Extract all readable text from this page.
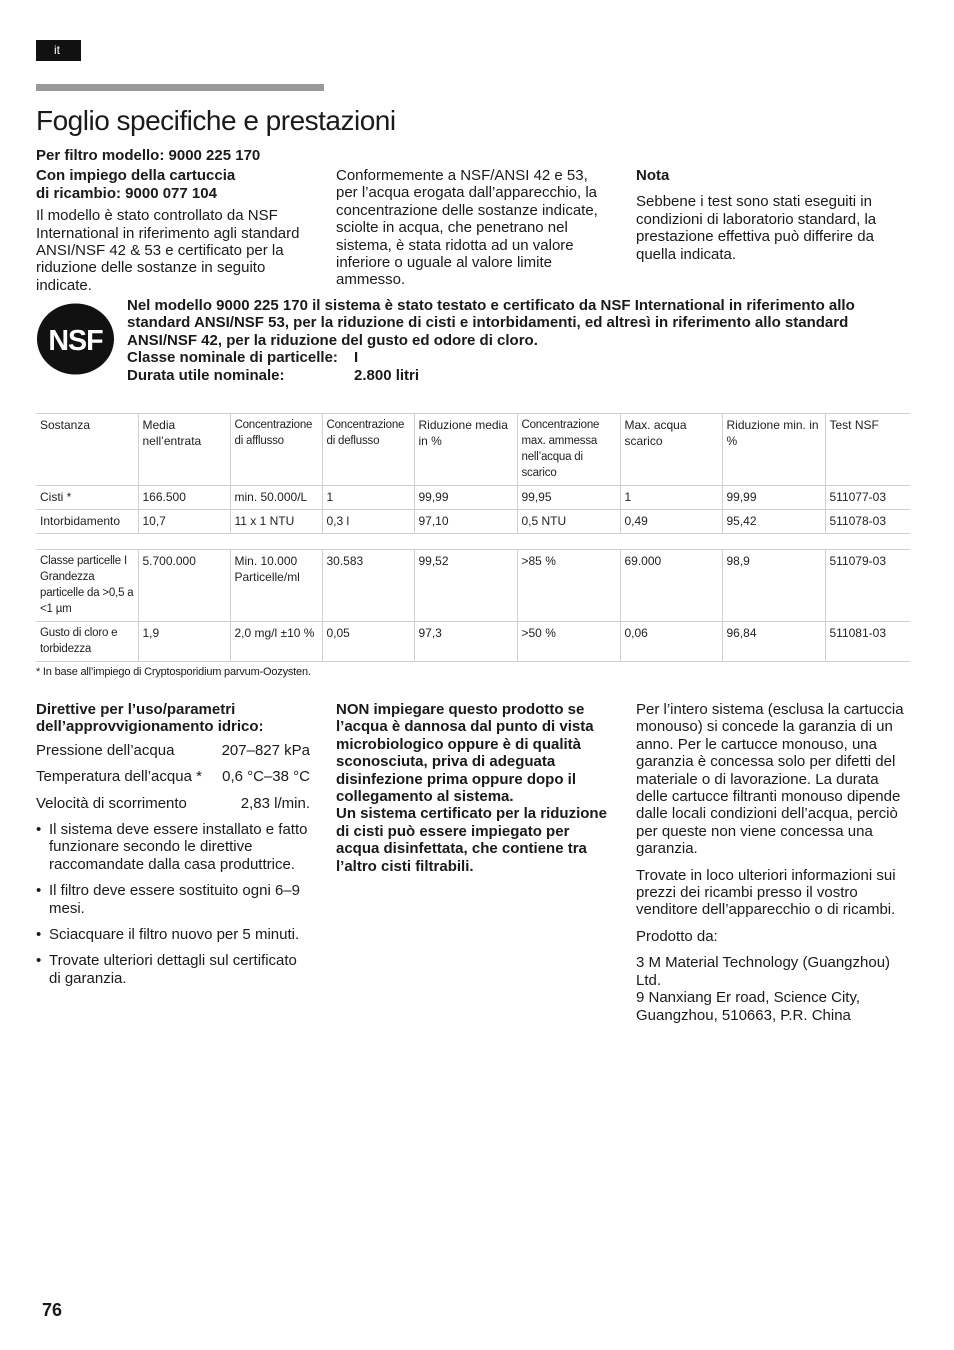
it
Foglio specifiche e prestazioni

Per filtro modello: 9000 225 170

Con impiego della cartuccia

di ricambio: 9000 077 104

Il modello è stato controllato da NSF International in riferimento agli standard ANSI/NSF 42 & 53 e certificato per la riduzione delle sostanze in seguito indicate.

Conformemente a NSF/ANSI 42 e 53, per l’acqua erogata dall’apparecchio, la concentrazione delle sostanze indicate, sciolte in acqua, che penetrano nel sistema, è stata ridotta ad un valore inferiore o uguale al valore limite ammesso.

Nota

Sebbene i test sono stati eseguiti in condizioni di laboratorio standard, la prestazione effettiva può differire da quella indicata.

NSF

Nel modello 9000 225 170 il sistema è stato testato e certificato da NSF International in riferimento allo standard ANSI/NSF 53, per la riduzione di cisti e intorbidamenti, ed altresì in riferimento allo standard ANSI/NSF 42, per la riduzione del gusto ed odore di cloro.

Classe nominale di particelle:	I
Durata utile nominale:	2.800 litri
Sostanza	Media nell’entrata	Concentrazione di afflusso	Concentrazione di deflusso	Riduzione media in %	Concentrazione max. ammessa nell’acqua di scarico	Max. acqua scarico	Riduzione min. in %	Test NSF
Cisti *	166.500	min. 50.000/L	1	99,99	99,95	1	99,99	511077-03
Intorbidamento	10,7	11 x 1 NTU	0,3 l	97,10	0,5 NTU	0,49	95,42	511078-03
Classe particelle I Grandezza particelle da >0,5 a <1 µm	5.700.000	Min. 10.000 Particelle/ml	30.583	99,52	>85 %	69.000	98,9	511079-03
Gusto di cloro e torbidezza	1,9	2,0 mg/l ±10 %	0,05	97,3	>50 %	0,06	96,84	511081-03
* In base all’impiego di Cryptosporidium parvum-Oozysten.

Direttive per l’uso/parametri

dell’approvvigionamento idrico:

Pressione dell’acqua	207–827 kPa
Temperatura dell’acqua * 0,6 °C–38 °C
Velocità di scorrimento	2,83 l/min.
• Il sistema deve essere installato e fatto funzionare secondo le direttive raccomandate dalla casa produttrice.
• Il filtro deve essere sostituito ogni 6–9 mesi.
• Sciacquare il filtro nuovo per 5 minuti.
• Trovate ulteriori dettagli sul certificato di garanzia.

NON impiegare questo prodotto se l’acqua è dannosa dal punto di vista microbiologico oppure è di qualità sconosciuta, priva di adeguata disinfezione prima oppure dopo il collegamento al sistema.

Un sistema certificato per la riduzione di cisti può essere impiegato per acqua disinfettata, che contiene tra l’altro cisti filtrabili.

Per l’intero sistema (esclusa la cartuccia monouso) si concede la garanzia di un anno. Per le cartucce monouso, una garanzia è concessa solo per difetti del materiale o di lavorazione. La durata delle cartucce filtranti monouso dipende dalle locali condizioni dell’acqua, perciò per queste non viene concessa una garanzia.

Trovate in loco ulteriori informazioni sui prezzi dei ricambi presso il vostro venditore dell’apparecchio o di ricambi.

Prodotto da:

3 M Material Technology (Guangzhou) Ltd.

9 Nanxiang Er road, Science City, Guangzhou, 510663, P.R. China

76
